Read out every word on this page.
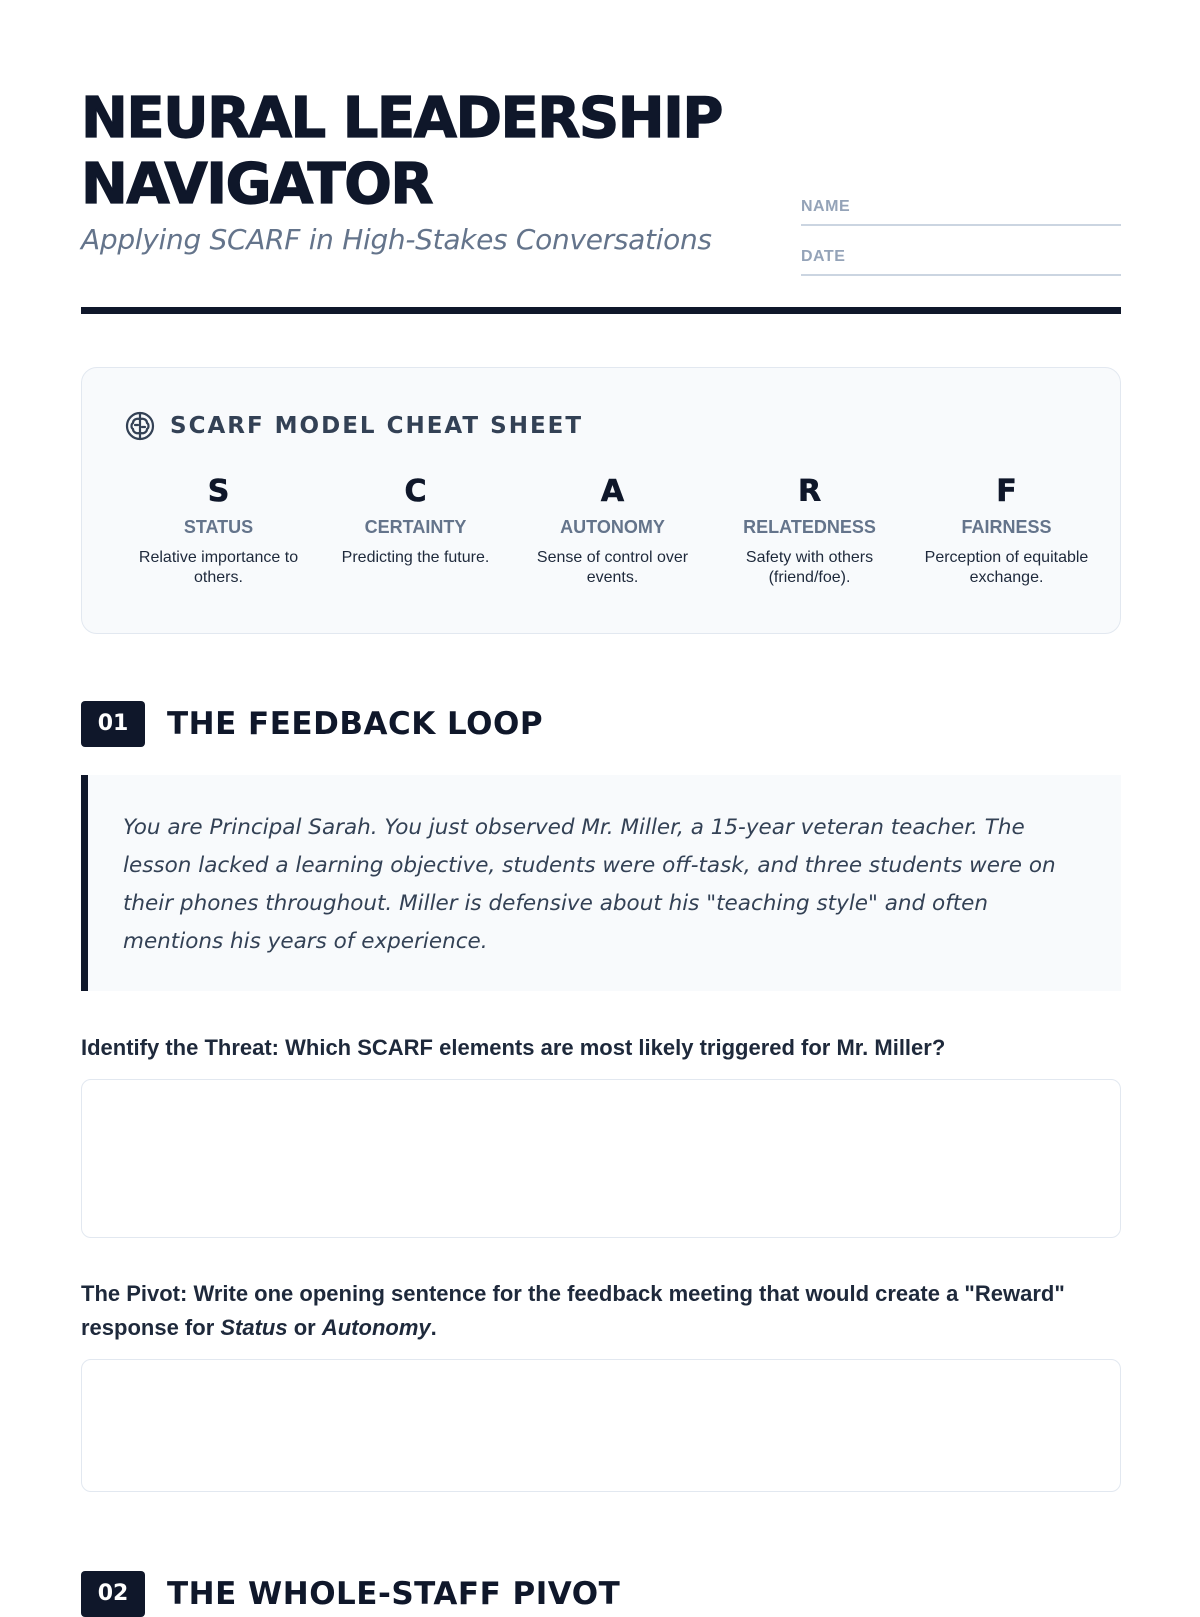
NEURAL LEADERSHIP
NAVIGATOR

Applying SCARF in High-Stakes Conversations

NAME
DATE
SCARF MODEL CHEAT SHEET
S
STATUS
Relative importance to others.
C
CERTAINTY
Predicting the future.
A
AUTONOMY
Sense of control over events.
R
RELATEDNESS
Safety with others (friend/foe).
F
FAIRNESS
Perception of equitable exchange.
01	THE FEEDBACK LOOP

You are Principal Sarah. You just observed Mr. Miller, a 15-year veteran teacher. The lesson lacked a learning objective, students were off-task, and three students were on their phones throughout. Miller is defensive about his "teaching style" and often mentions his years of experience.

Identify the Threat: Which SCARF elements are most likely triggered for Mr. Miller?

The Pivot: Write one opening sentence for the feedback meeting that would create a "Reward" response for Status or Autonomy.

02	THE WHOLE-STAFF PIVOT
